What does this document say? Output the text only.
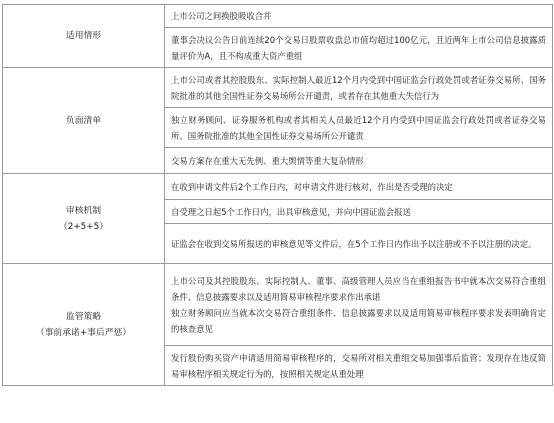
适用情形	上市公司之间换股吸收合并
	董事会决议公告日前连续20个交易日股票收盘总市值均超过100亿元，且近两年上市公司信息披露质量评价为A，且不构成重大资产重组

负面清单	上市公司或者其控股股东、实际控制人最近12个月内受到中国证监会行政处罚或者证券交易所、国务院批准的其他全国性证券交易场所公开谴责，或者存在其他重大失信行为
	独立财务顾问、证券服务机构或者其相关人员最近12个月内受到中国证监会行政处罚或者证券交易所、国务院批准的其他全国性证券交易场所公开谴责
	交易方案存在重大无先例、重大舆情等重大复杂情形

审核机制
（2+5+5）	在收到申请文件后2个工作日内，对申请文件进行核对，作出是否受理的决定
	自受理之日起5个工作日内，出具审核意见，并向中国证监会报送
	证监会在收到交易所报送的审核意见等文件后，在5个工作日内作出予以注册或不予以注册的决定。

监管策略
（事前承诺+事后严惩）	上市公司及其控股股东、实际控制人、董事、高级管理人员应当在重组报告书中就本次交易符合重组条件、信息披露要求以及适用简易审核程序要求作出承诺
独立财务顾问应当就本次交易符合重组条件、信息披露要求以及适用简易审核程序要求发表明确肯定的核查意见
	发行股份购买资产申请适用简易审核程序的，交易所对相关重组交易加强事后监管；发现存在违反简易审核程序相关规定行为的，按照相关规定从重处理
